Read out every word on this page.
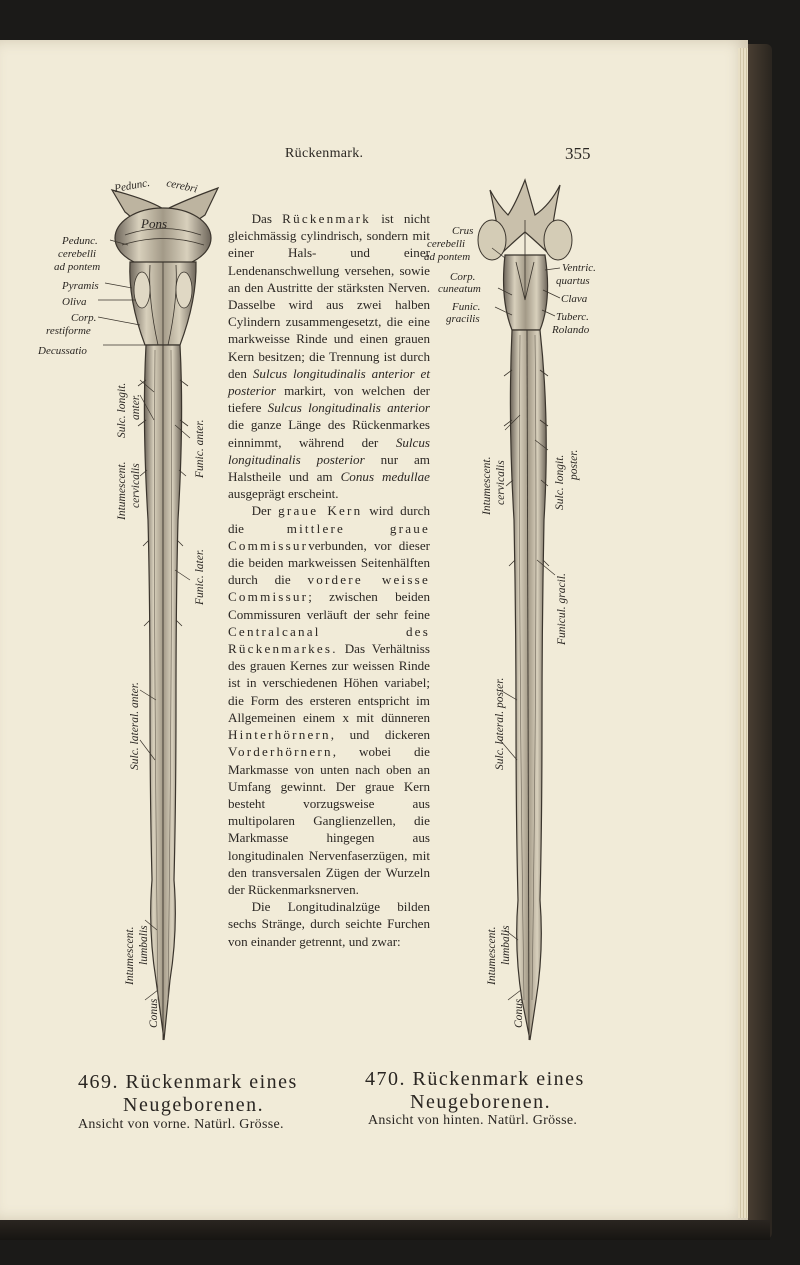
Rückenmark.	355
Pedunc. cerebri
Pons
Pedunc.
cerebelli
ad pontem
Pyramis
Oliva
Corp.
restiforme
Decussatio
Sulc. longit. anter.
Intumescent. cervicalis
Funic. anter.
Funic. later.
Sulc. lateral. anter.
Intumescent. lumbalis
Conus
Crus
cerebelli
ad pontem
Corp.
cuneatum
Funic.
gracilis
Ventric.
quartus
Clava
Tuberc.
Rolando
Intumescent. cervicalis	Sulc. longit. poster.
Funicul. gracil.
Sulc. lateral. poster.
Intumescent. lumbalis
Conus

Das Rückenmark ist nicht gleichmässig cylindrisch, sondern mit einer Hals- und einer Lendenanschwellung versehen, sowie an den Austritte der stärksten Nerven. Dasselbe wird aus zwei halben Cylindern zusammengesetzt, die eine markweisse Rinde und einen grauen Kern besitzen; die Trennung ist durch den Sulcus longitudinalis anterior et posterior markirt, von welchen der tiefere Sulcus longitudinalis anterior die ganze Länge des Rückenmarkes einnimmt, während der Sulcus longitudinalis posterior nur am Halstheile und am Conus medullae ausgeprägt erscheint.

Der graue Kern wird durch die	mittlere graue Commissurverbunden, vor dieser die beiden markweissen Seitenhälften durch die vordere weisse Commissur; zwischen beiden Commissuren verläuft der sehr feine Centralcanal des Rückenmarkes. Das Verhältniss des grauen Kernes zur weissen Rinde ist in verschiedenen Höhen variabel; die Form des ersteren entspricht im Allgemeinen einem x mit dünneren Hinterhörnern, und dickeren Vorderhörnern, wobei die Markmasse von unten nach oben an Umfang gewinnt. Der graue Kern besteht vorzugsweise aus multipolaren Ganglienzellen, die Markmasse hingegen aus longitudinalen Nervenfaserzügen, mit den transversalen Zügen der Wurzeln der Rückenmarksnerven.

Die Longitudinalzüge bilden sechs Stränge, durch seichte Furchen von einander getrennt, und zwar:

469. Rückenmark eines
Neugeborenen.
Ansicht von vorne. Natürl. Grösse.
470. Rückenmark eines
Neugeborenen.
Ansicht von hinten. Natürl. Grösse.
